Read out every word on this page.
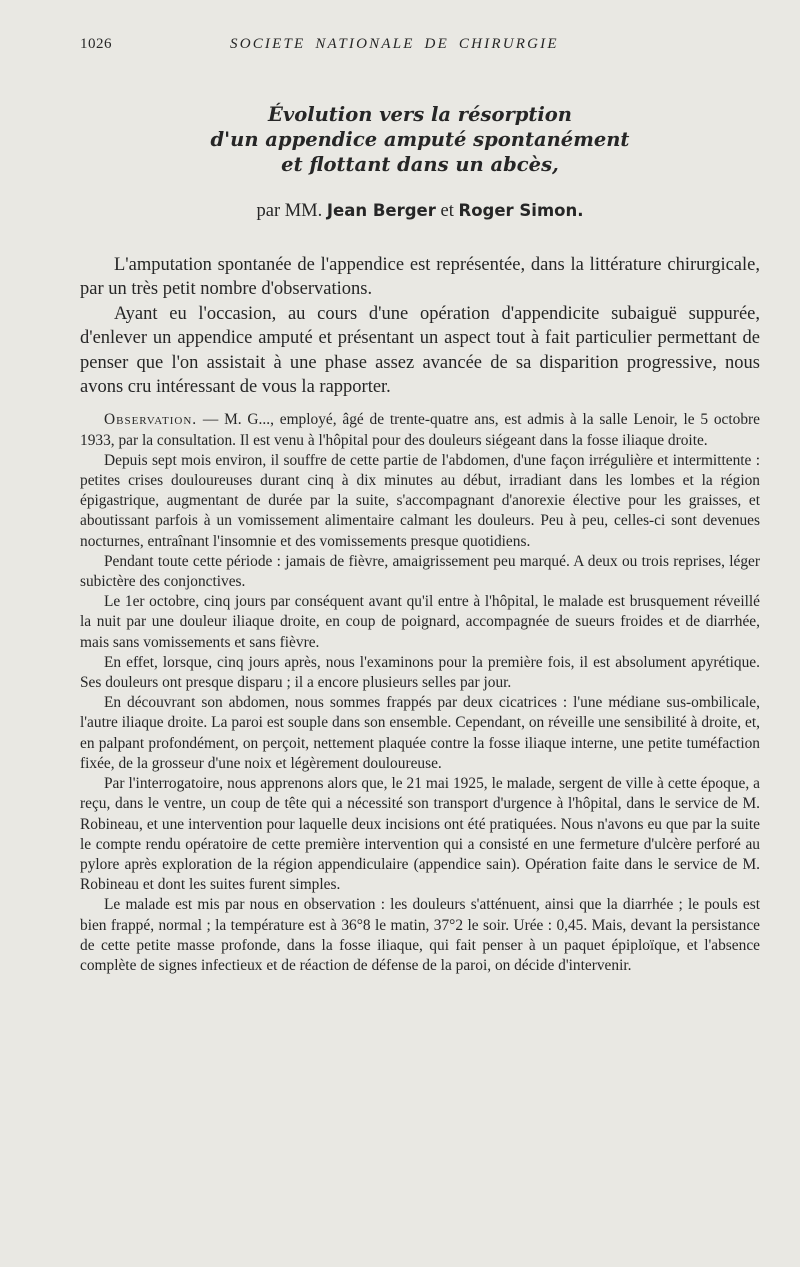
1026	SOCIETE NATIONALE DE CHIRURGIE
Évolution vers la résorption
d'un appendice amputé spontanément
et flottant dans un abcès,
par MM. Jean Berger et Roger Simon.

L'amputation spontanée de l'appendice est représentée, dans la littérature chirurgicale, par un très petit nombre d'observations.

Ayant eu l'occasion, au cours d'une opération d'appendicite subaiguë suppurée, d'enlever un appendice amputé et présentant un aspect tout à fait particulier permettant de penser que l'on assistait à une phase assez avancée de sa disparition progressive, nous avons cru intéressant de vous la rapporter.

Observation. — M. G..., employé, âgé de trente-quatre ans, est admis à la salle Lenoir, le 5 octobre 1933, par la consultation. Il est venu à l'hôpital pour des douleurs siégeant dans la fosse iliaque droite.

Depuis sept mois environ, il souffre de cette partie de l'abdomen, d'une façon irrégulière et intermittente : petites crises douloureuses durant cinq à dix minutes au début, irradiant dans les lombes et la région épigastrique, augmentant de durée par la suite, s'accompagnant d'anorexie élective pour les graisses, et aboutissant parfois à un vomissement alimentaire calmant les douleurs. Peu à peu, celles-ci sont devenues nocturnes, entraînant l'insomnie et des vomissements presque quotidiens.

Pendant toute cette période : jamais de fièvre, amaigrissement peu marqué. A deux ou trois reprises, léger subictère des conjonctives.

Le 1er octobre, cinq jours par conséquent avant qu'il entre à l'hôpital, le malade est brusquement réveillé la nuit par une douleur iliaque droite, en coup de poignard, accompagnée de sueurs froides et de diarrhée, mais sans vomissements et sans fièvre.

En effet, lorsque, cinq jours après, nous l'examinons pour la première fois, il est absolument apyrétique. Ses douleurs ont presque disparu ; il a encore plusieurs selles par jour.

En découvrant son abdomen, nous sommes frappés par deux cicatrices : l'une médiane sus-ombilicale, l'autre iliaque droite. La paroi est souple dans son ensemble. Cependant, on réveille une sensibilité à droite, et, en palpant profondément, on perçoit, nettement plaquée contre la fosse iliaque interne, une petite tuméfaction fixée, de la grosseur d'une noix et légèrement douloureuse.

Par l'interrogatoire, nous apprenons alors que, le 21 mai 1925, le malade, sergent de ville à cette époque, a reçu, dans le ventre, un coup de tête qui a nécessité son transport d'urgence à l'hôpital, dans le service de M. Robineau, et une intervention pour laquelle deux incisions ont été pratiquées. Nous n'avons eu que par la suite le compte rendu opératoire de cette première intervention qui a consisté en une fermeture d'ulcère perforé au pylore après exploration de la région appendiculaire (appendice sain). Opération faite dans le service de M. Robineau et dont les suites furent simples.

Le malade est mis par nous en observation : les douleurs s'atténuent, ainsi que la diarrhée ; le pouls est bien frappé, normal ; la température est à 36°8 le matin, 37°2 le soir. Urée : 0,45. Mais, devant la persistance de cette petite masse profonde, dans la fosse iliaque, qui fait penser à un paquet épiploïque, et l'absence complète de signes infectieux et de réaction de défense de la paroi, on décide d'intervenir.
